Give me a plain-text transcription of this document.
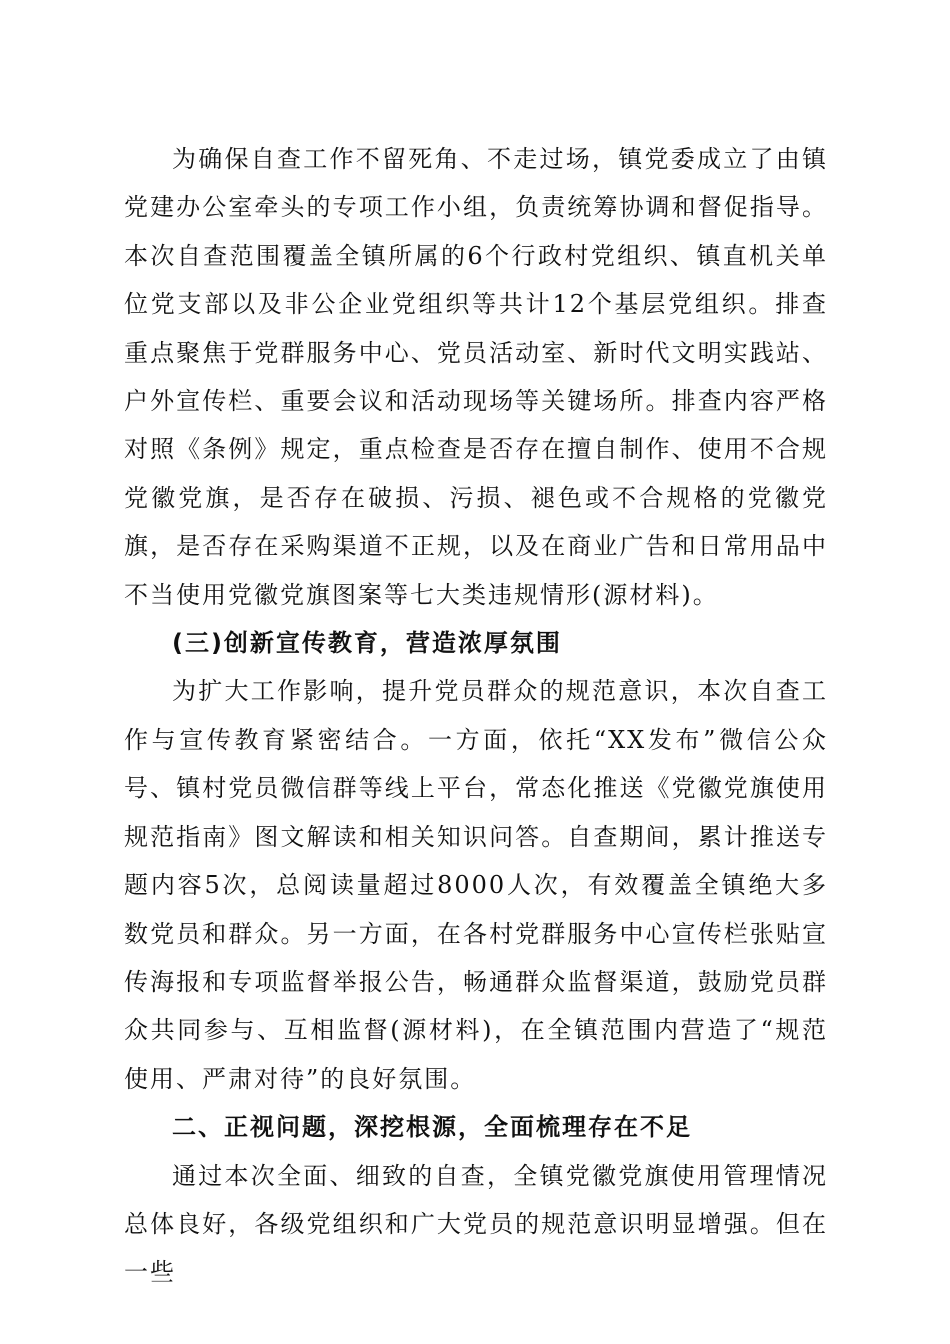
为确保自查工作不留死角、不走过场，镇党委成立了由镇党建办公室牵头的专项工作小组，负责统筹协调和督促指导。本次自查范围覆盖全镇所属的6个行政村党组织、镇直机关单位党支部以及非公企业党组织等共计12个基层党组织。排查重点聚焦于党群服务中心、党员活动室、新时代文明实践站、户外宣传栏、重要会议和活动现场等关键场所。排查内容严格对照《条例》规定，重点检查是否存在擅自制作、使用不合规党徽党旗，是否存在破损、污损、褪色或不合规格的党徽党旗，是否存在采购渠道不正规，以及在商业广告和日常用品中不当使用党徽党旗图案等七大类违规情形(源材料)。

(三)创新宣传教育，营造浓厚氛围

为扩大工作影响，提升党员群众的规范意识，本次自查工作与宣传教育紧密结合。一方面，依托“XX发布”微信公众号、镇村党员微信群等线上平台，常态化推送《党徽党旗使用规范指南》图文解读和相关知识问答。自查期间，累计推送专题内容5次，总阅读量超过8000人次，有效覆盖全镇绝大多数党员和群众。另一方面，在各村党群服务中心宣传栏张贴宣传海报和专项监督举报公告，畅通群众监督渠道，鼓励党员群众共同参与、互相监督(源材料)，在全镇范围内营造了“规范使用、严肃对待”的良好氛围。

二、正视问题，深挖根源，全面梳理存在不足

通过本次全面、细致的自查，全镇党徽党旗使用管理情况总体良好，各级党组织和广大党员的规范意识明显增强。但在一些
